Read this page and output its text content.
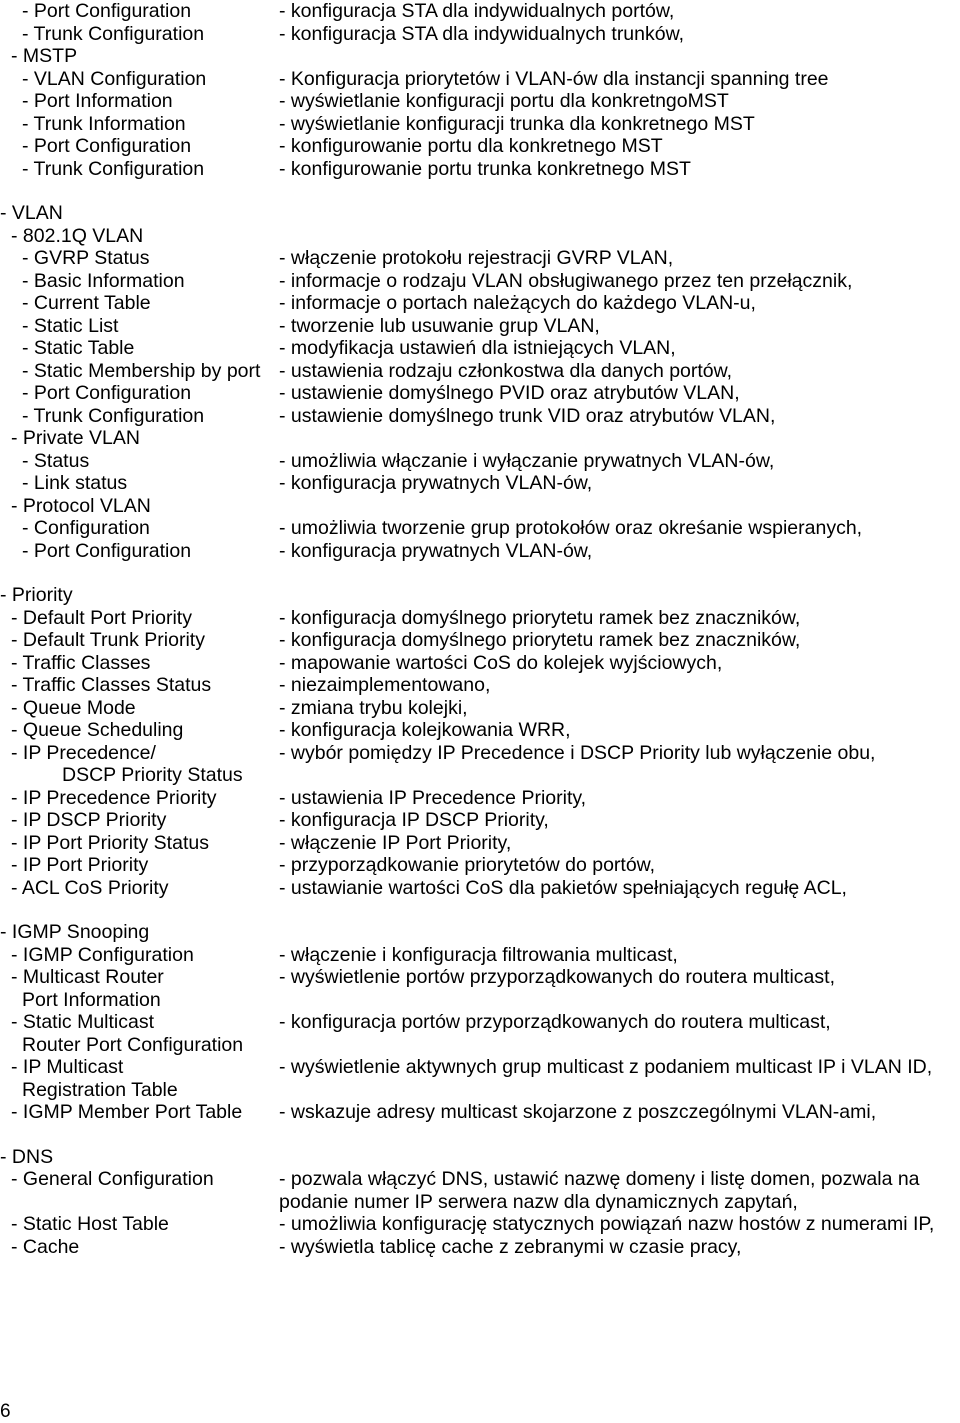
- Port Configuration	- konfiguracja STA dla indywidualnych portów,
- Trunk Configuration	- konfiguracja STA dla indywidualnych trunków,
- MSTP
- VLAN Configuration	- Konfiguracja priorytetów i VLAN-ów dla instancji spanning tree
- Port Information	- wyświetlanie konfiguracji portu dla konkretngoMST
- Trunk Information	- wyświetlanie konfiguracji trunka dla konkretnego MST
- Port Configuration	- konfigurowanie portu dla konkretnego MST
- Trunk Configuration	- konfigurowanie portu trunka konkretnego MST
- VLAN
- 802.1Q VLAN
- GVRP Status	- włączenie protokołu rejestracji GVRP VLAN,
- Basic Information	- informacje o rodzaju VLAN obsługiwanego przez ten przełącznik,
- Current Table	- informacje o portach należących do każdego VLAN-u,
- Static List	- tworzenie lub usuwanie grup VLAN,
- Static Table	- modyfikacja ustawień dla istniejących VLAN,
- Static Membership by port - ustawienia rodzaju członkostwa dla danych portów,
- Port Configuration	- ustawienie domyślnego PVID oraz atrybutów VLAN,
- Trunk Configuration	- ustawienie domyślnego trunk VID oraz atrybutów VLAN,
- Private VLAN
- Status	- umożliwia włączanie i wyłączanie prywatnych VLAN-ów,
- Link status	- konfiguracja prywatnych VLAN-ów,
- Protocol VLAN
- Configuration	- umożliwia tworzenie grup protokołów oraz okreśanie wspieranych,
- Port Configuration	- konfiguracja prywatnych VLAN-ów,
- Priority
- Default Port Priority	- konfiguracja domyślnego priorytetu ramek bez znaczników,
- Default Trunk Priority	- konfiguracja domyślnego priorytetu ramek bez znaczników,
- Traffic Classes	- mapowanie wartości CoS do kolejek wyjściowych,
- Traffic Classes Status	- niezaimplementowano,
- Queue Mode	- zmiana trybu kolejki,
- Queue Scheduling	- konfiguracja kolejkowania WRR,
- IP Precedence/	- wybór pomiędzy IP Precedence i DSCP Priority lub wyłączenie obu,
DSCP Priority Status
- IP Precedence Priority	- ustawienia IP Precedence Priority,
- IP DSCP Priority	- konfiguracja IP DSCP Priority,
- IP Port Priority Status	- włączenie IP Port Priority,
- IP Port Priority	- przyporządkowanie priorytetów do portów,
- ACL CoS Priority	- ustawianie wartości CoS dla pakietów spełniających regułę ACL,
- IGMP Snooping
- IGMP Configuration	- włączenie i konfiguracja filtrowania multicast,
- Multicast Router	- wyświetlenie portów przyporządkowanych do routera multicast,
Port Information
- Static Multicast	- konfiguracja portów przyporządkowanych do routera multicast,
Router Port Configuration
- IP Multicast	- wyświetlenie aktywnych grup multicast z podaniem multicast IP i VLAN ID,
Registration Table
- IGMP Member Port Table - wskazuje adresy multicast skojarzone z poszczególnymi VLAN-ami,
- DNS
- General Configuration	- pozwala włączyć DNS, ustawić nazwę domeny i listę domen, pozwala na
podanie numer IP serwera nazw dla dynamicznych zapytań,
- Static Host Table	- umożliwia konfigurację statycznych powiązań nazw hostów z numerami IP,
- Cache	- wyświetla tablicę cache z zebranymi w czasie pracy,
6
